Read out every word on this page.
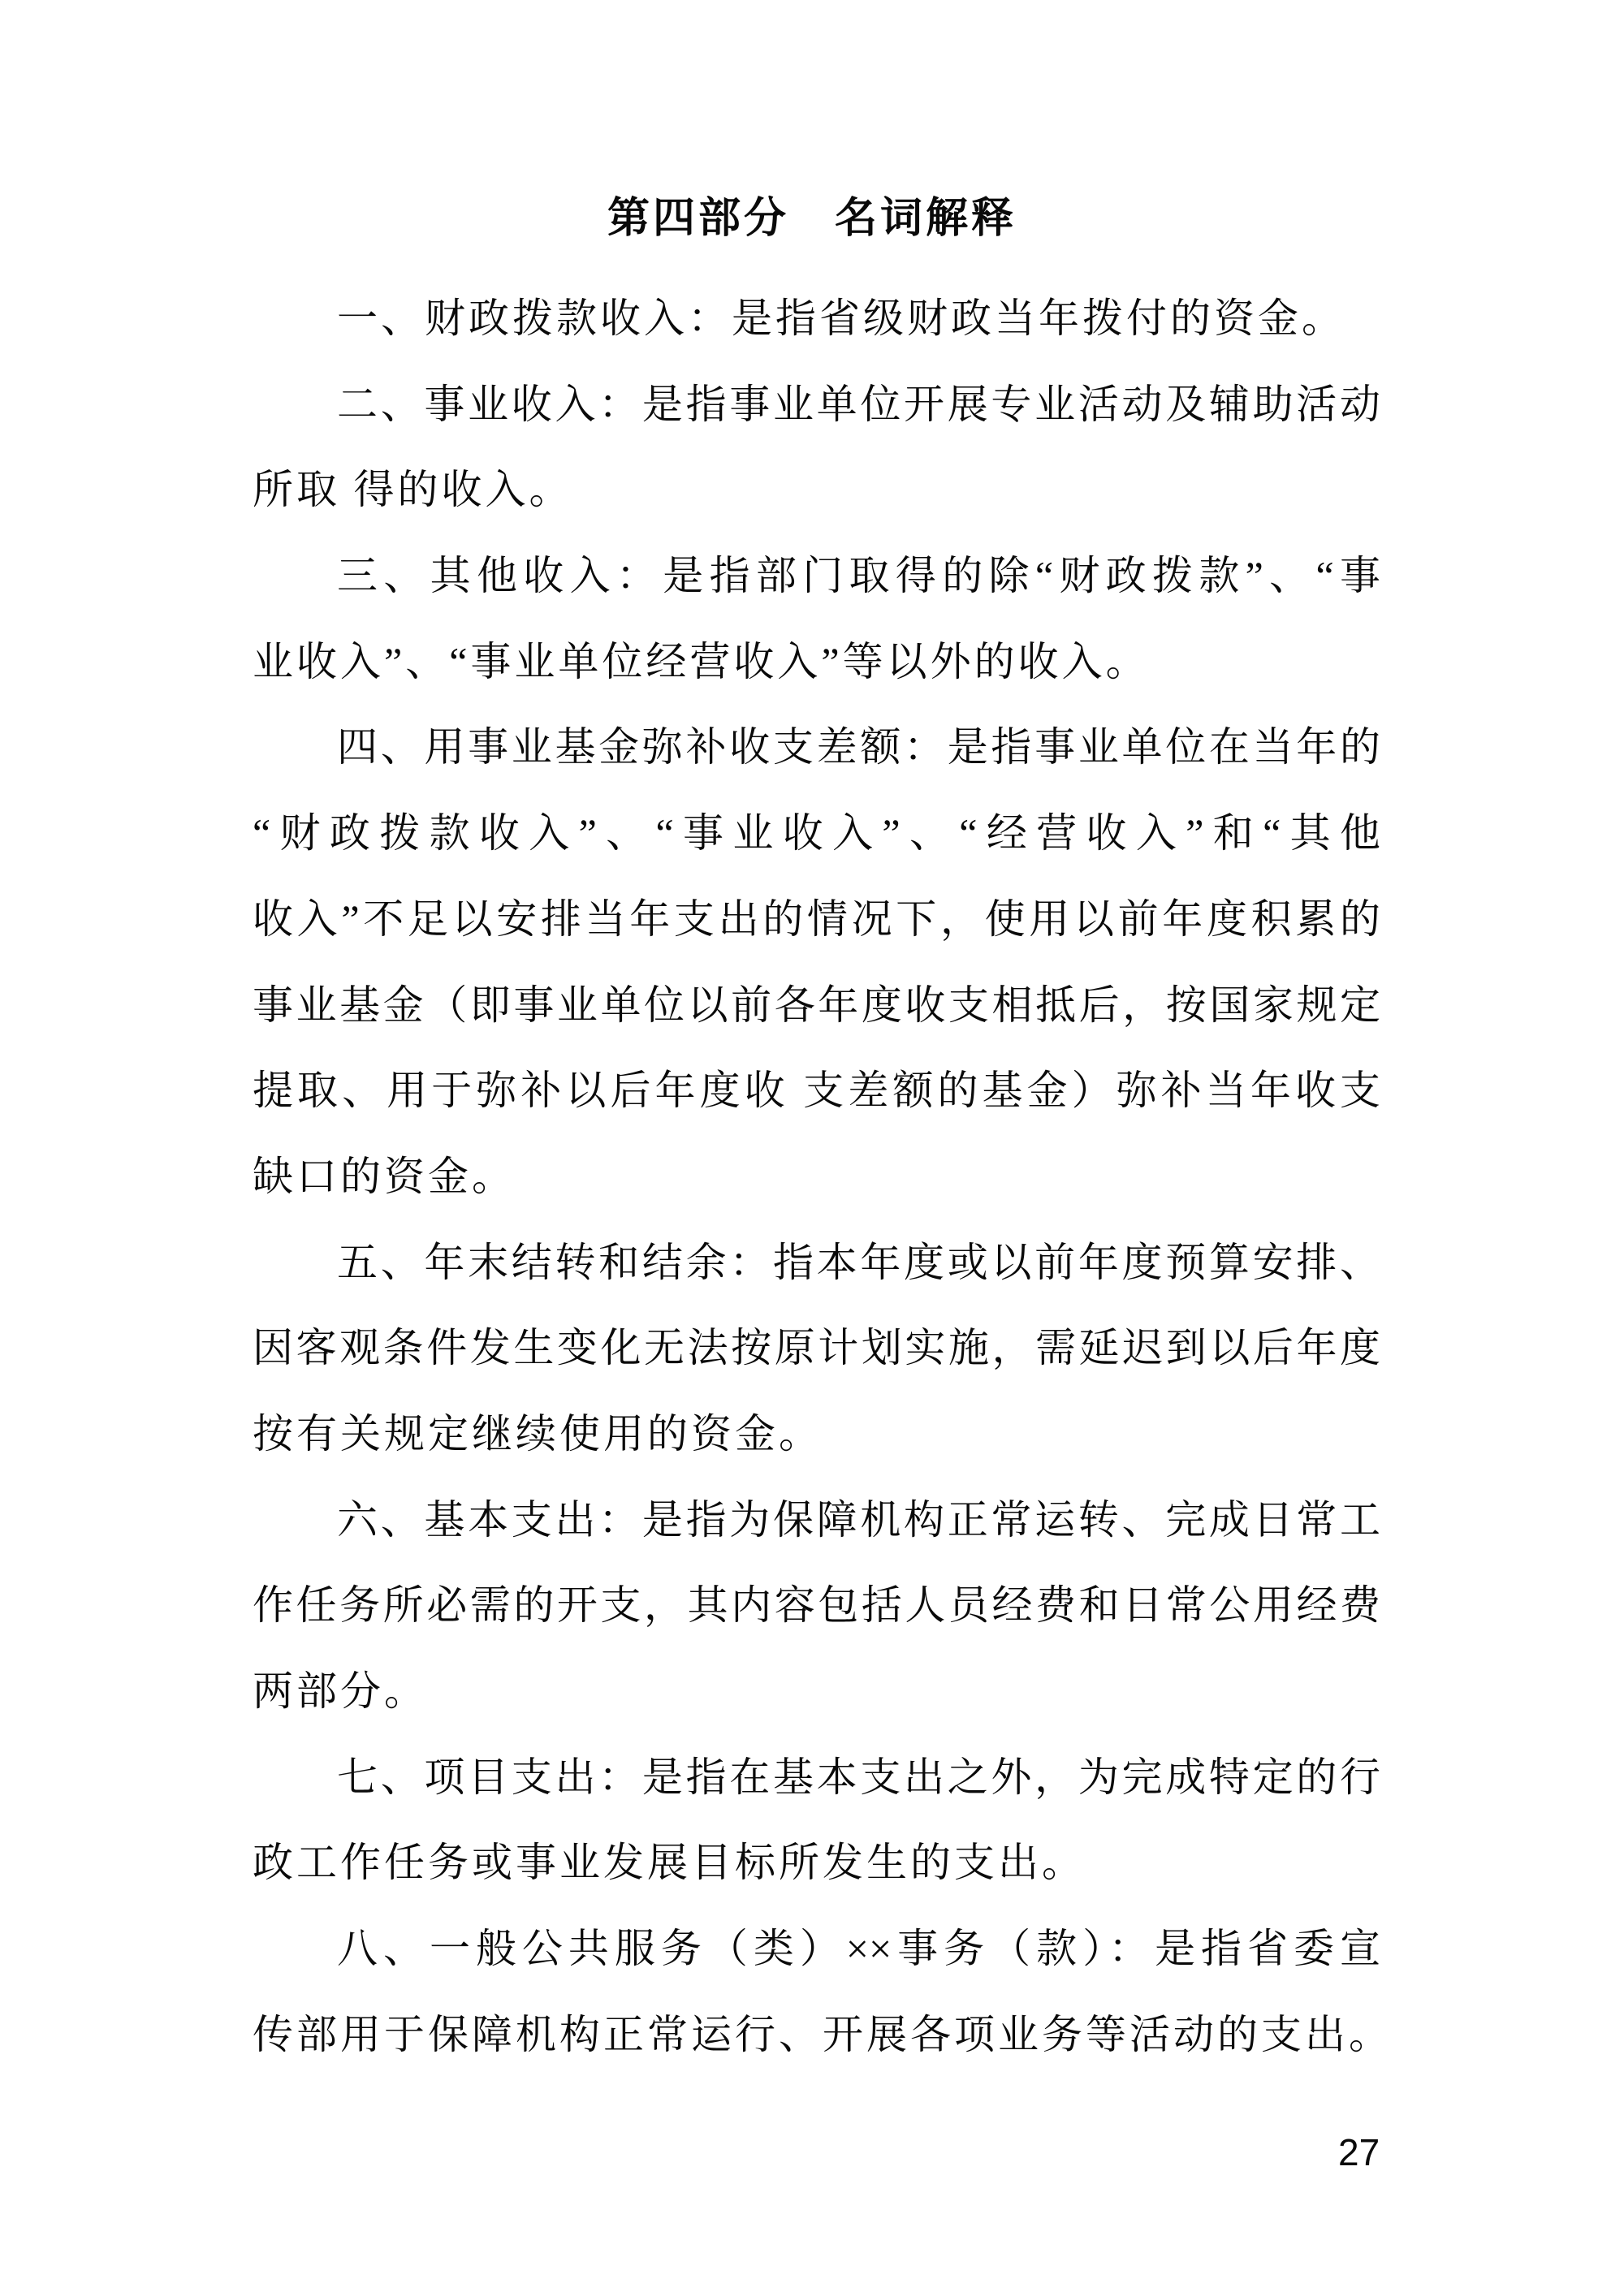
第四部分　名词解释
一、财政拨款收入：是指省级财政当年拨付的资金。
二、事业收入：是指事业单位开展专业活动及辅助活动
所取 得的收入。
三、其他收入：是指部门取得的除“财政拨款”、“事
业收入”、“事业单位经营收入”等以外的收入。
四、用事业基金弥补收支差额：是指事业单位在当年的
“财政拨款收入”、“事业收入”、“经营收入”和“其他
收入”不足以安排当年支出的情况下，使用以前年度积累的
事业基金（即事业单位以前各年度收支相抵后，按国家规定
提取、用于弥补以后年度收 支差额的基金）弥补当年收支
缺口的资金。
五、年末结转和结余：指本年度或以前年度预算安排、
因客观条件发生变化无法按原计划实施，需延迟到以后年度
按有关规定继续使用的资金。
六、基本支出：是指为保障机构正常运转、完成日常工
作任务所必需的开支，其内容包括人员经费和日常公用经费
两部分。
七、项目支出：是指在基本支出之外，为完成特定的行
政工作任务或事业发展目标所发生的支出。
八、一般公共服务（类）××事务（款）：是指省委宣
传部用于保障机构正常运行、开展各项业务等活动的支出。
27
